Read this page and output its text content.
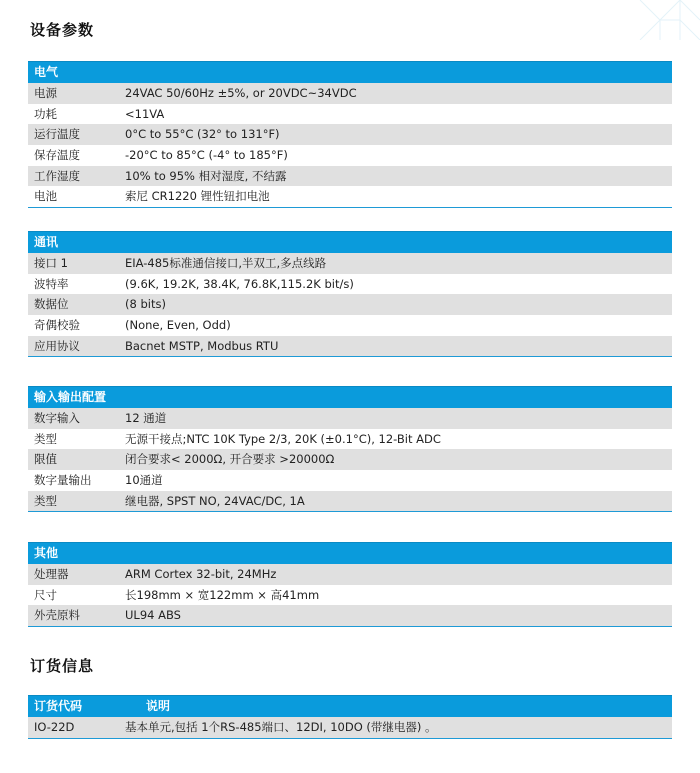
设备参数
电气
电源	24VAC 50/60Hz ±5%, or 20VDC~34VDC
功耗	<11VA
运行温度	0°C to 55°C (32° to 131°F)
保存温度	-20°C to 85°C (-4° to 185°F)
工作湿度	10% to 95% 相对湿度, 不结露
电池	索尼 CR1220 锂性钮扣电池
通讯
接口 1	EIA-485标准通信接口,半双工,多点线路
波特率	(9.6K, 19.2K, 38.4K, 76.8K,115.2K bit/s)
数据位	(8 bits)
奇偶校验	(None, Even, Odd)
应用协议	Bacnet MSTP, Modbus RTU
输入输出配置
数字输入	12 通道
类型	无源干接点;NTC 10K Type 2/3, 20K (±0.1°C), 12-Bit ADC
限值	闭合要求< 2000Ω, 开合要求 >20000Ω
数字量输出	10通道
类型	继电器, SPST NO, 24VAC/DC, 1A
其他
处理器	ARM Cortex 32-bit, 24MHz
尺寸	长198mm × 宽122mm × 高41mm
外壳原料	UL94 ABS
订货信息
订货代码	说明
IO-22D	基本单元,包括 1个RS-485端口、12DI, 10DO (带继电器) 。
